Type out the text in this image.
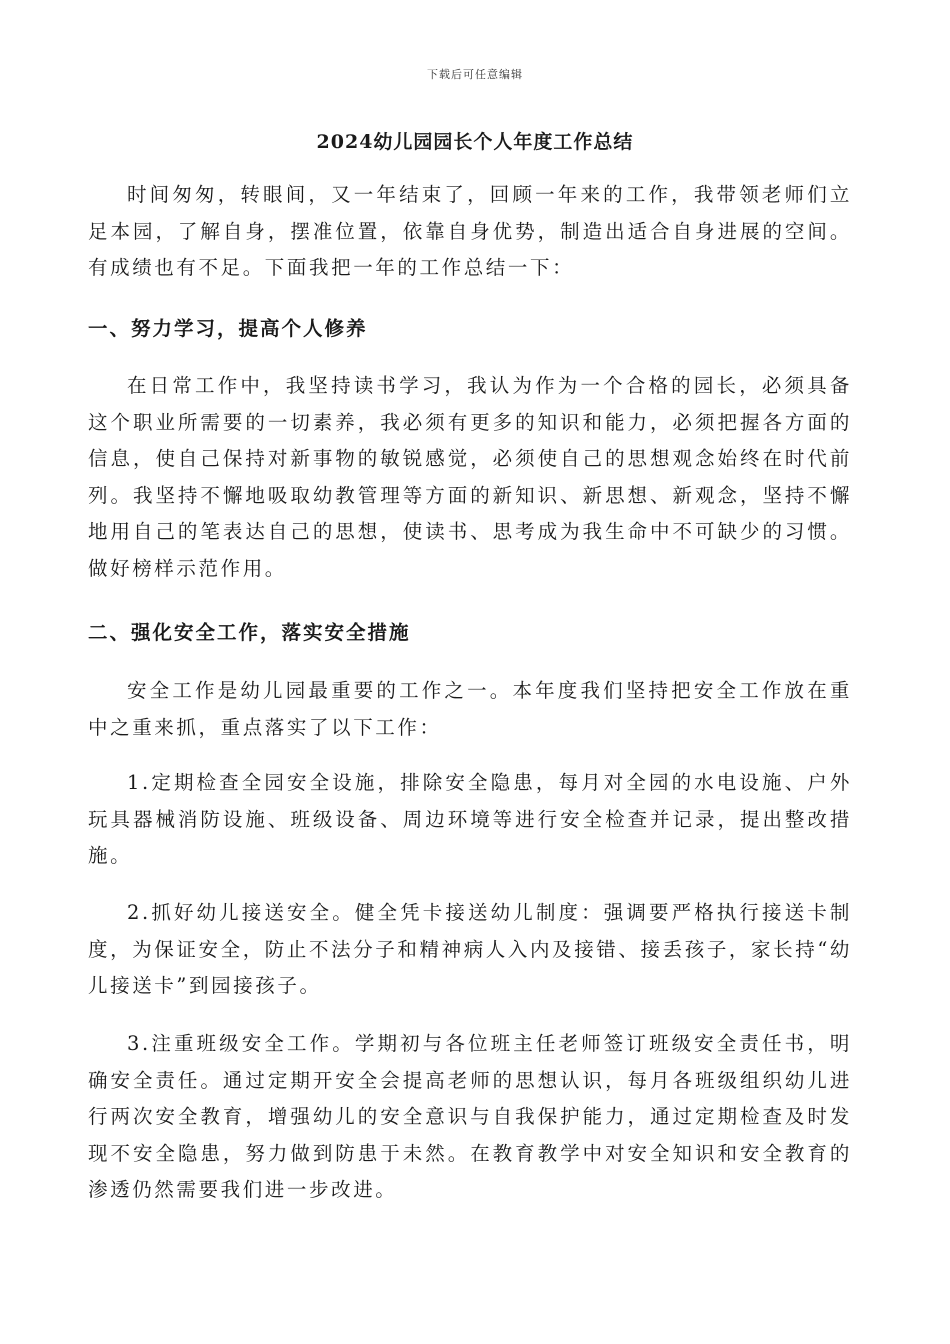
下载后可任意编辑
2024幼儿园园长个人年度工作总结
时间匆匆，转眼间，又一年结束了，回顾一年来的工作，我带领老师们立足本园，了解自身，摆准位置，依靠自身优势，制造出适合自身进展的空间。有成绩也有不足。下面我把一年的工作总结一下：
一、努力学习，提高个人修养
在日常工作中，我坚持读书学习，我认为作为一个合格的园长，必须具备这个职业所需要的一切素养，我必须有更多的知识和能力，必须把握各方面的信息，使自己保持对新事物的敏锐感觉，必须使自己的思想观念始终在时代前列。我坚持不懈地吸取幼教管理等方面的新知识、新思想、新观念，坚持不懈地用自己的笔表达自己的思想，使读书、思考成为我生命中不可缺少的习惯。做好榜样示范作用。
二、强化安全工作，落实安全措施
安全工作是幼儿园最重要的工作之一。本年度我们坚持把安全工作放在重中之重来抓，重点落实了以下工作：
1.定期检查全园安全设施，排除安全隐患，每月对全园的水电设施、户外玩具器械消防设施、班级设备、周边环境等进行安全检查并记录，提出整改措施。
2.抓好幼儿接送安全。健全凭卡接送幼儿制度：强调要严格执行接送卡制度，为保证安全，防止不法分子和精神病人入内及接错、接丢孩子，家长持“幼儿接送卡”到园接孩子。
3.注重班级安全工作。学期初与各位班主任老师签订班级安全责任书，明确安全责任。通过定期开安全会提高老师的思想认识，每月各班级组织幼儿进行两次安全教育，增强幼儿的安全意识与自我保护能力，通过定期检查及时发现不安全隐患，努力做到防患于未然。在教育教学中对安全知识和安全教育的渗透仍然需要我们进一步改进。
